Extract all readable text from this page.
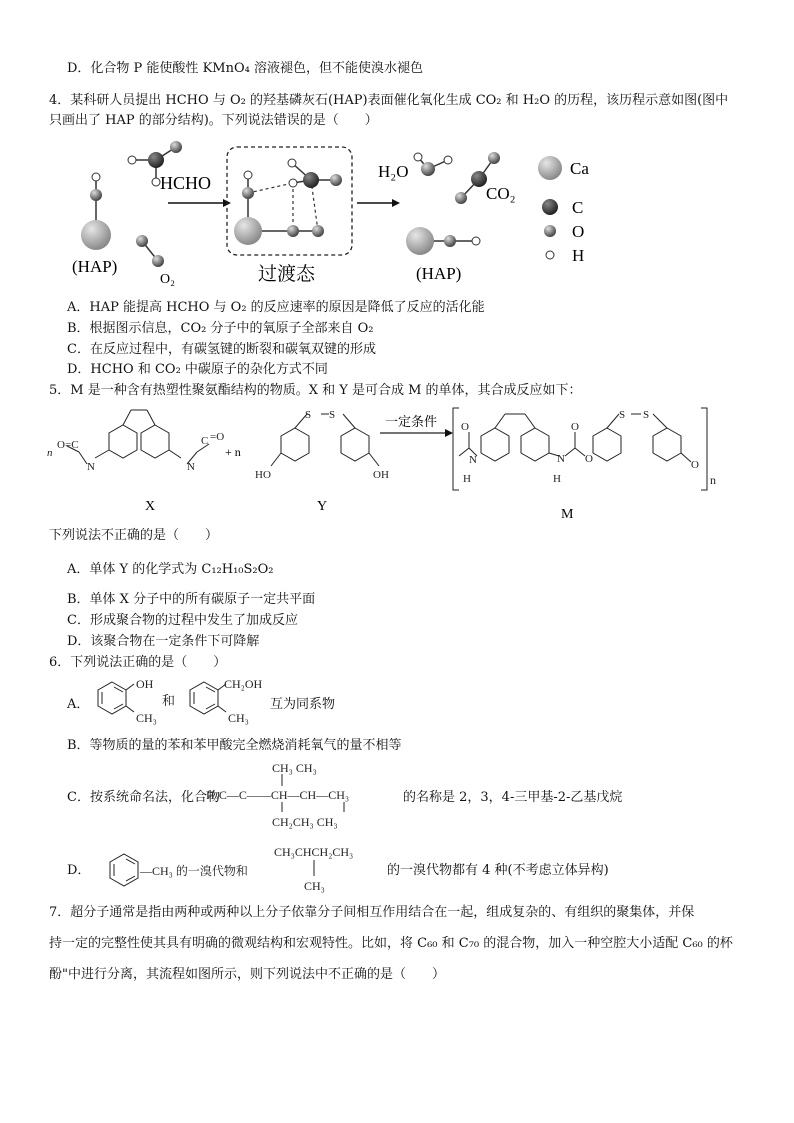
D．化合物 P 能使酸性 KMnO₄ 溶液褪色，但不能使溴水褪色
4．某科研人员提出 HCHO 与 O₂ 的羟基磷灰石(HAP)表面催化氧化生成 CO₂ 和 H₂O 的历程，该历程示意如图(图中
只画出了 HAP 的部分结构)。下列说法错误的是（　　）
(HAP)
HCHO
O₂	过渡态
H₂O
CO₂
(HAP)
Ca
C
O
H
A．HAP 能提高 HCHO 与 O₂ 的反应速率的原因是降低了反应的活化能
B．根据图示信息，CO₂ 分子中的氧原子全部来自 O₂
C．在反应过程中，有碳氢键的断裂和碳氧双键的形成
D．HCHO 和 CO₂ 中碳原子的杂化方式不同
5．M 是一种含有热塑性聚氨酯结构的物质。X 和 Y 是可合成 M 的单体，其合成反应如下：
n
O =C
N	N
C =O
S S
HO	OH
O
N
H
N
H
O
O
S S
O
n
+ n
一定条件
X	Y
M
下列说法不正确的是（　　）
A．单体 Y 的化学式为 C₁₂H₁₀S₂O₂
B．单体 X 分子中的所有碳原子一定共平面
C．形成聚合物的过程中发生了加成反应
D．该聚合物在一定条件下可降解
6．下列说法正确的是（　　）
A．
OH
CH₃
和
CH₂OH
CH₃
互为同系物
B．等物质的量的苯和苯甲酸完全燃烧消耗氧气的量不相等
C．按系统命名法，化合物
CH₃ CH₃
H₃C—C——CH—CH—CH₃
CH₂CH₃ CH₃
的名称是 2，3，4-三甲基-2-乙基戊烷
D．	—CH₃ 的一溴代物和
CH₃CHCH₂CH₃
CH₃
的一溴代物都有 4 种(不考虑立体异构)
7．超分子通常是指由两种或两种以上分子依靠分子间相互作用结合在一起，组成复杂的、有组织的聚集体，并保
持一定的完整性使其具有明确的微观结构和宏观特性。比如，将 C₆₀ 和 C₇₀ 的混合物，加入一种空腔大小适配 C₆₀ 的杯
酚"中进行分离，其流程如图所示，则下列说法中不正确的是（　　）
